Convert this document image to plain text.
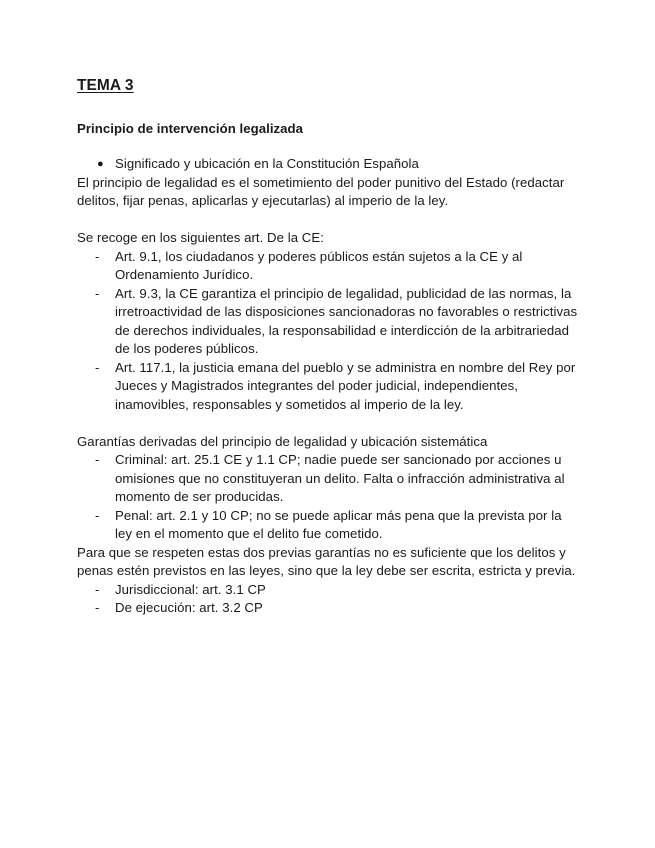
TEMA 3
Principio de intervención legalizada
● Significado y ubicación en la Constitución Española

El principio de legalidad es el sometimiento del poder punitivo del Estado (redactar delitos, fijar penas, aplicarlas y ejecutarlas) al imperio de la ley.

Se recoge en los siguientes art. De la CE:

- Art. 9.1, los ciudadanos y poderes públicos están sujetos a la CE y al Ordenamiento Jurídico.
- Art. 9.3, la CE garantiza el principio de legalidad, publicidad de las normas, la irretroactividad de las disposiciones sancionadoras no favorables o restrictivas de derechos individuales, la responsabilidad e interdicción de la arbitrariedad de los poderes públicos.
- Art. 117.1, la justicia emana del pueblo y se administra en nombre del Rey por Jueces y Magistrados integrantes del poder judicial, independientes, inamovibles, responsables y sometidos al imperio de la ley.

Garantías derivadas del principio de legalidad y ubicación sistemática

- Criminal: art. 25.1 CE y 1.1 CP; nadie puede ser sancionado por acciones u omisiones que no constituyeran un delito. Falta o infracción administrativa al momento de ser producidas.
- Penal: art. 2.1 y 10 CP; no se puede aplicar más pena que la prevista por la ley en el momento que el delito fue cometido.

Para que se respeten estas dos previas garantías no es suficiente que los delitos y penas estén previstos en las leyes, sino que la ley debe ser escrita, estricta y previa.

- Jurisdiccional: art. 3.1 CP
- De ejecución: art. 3.2 CP
